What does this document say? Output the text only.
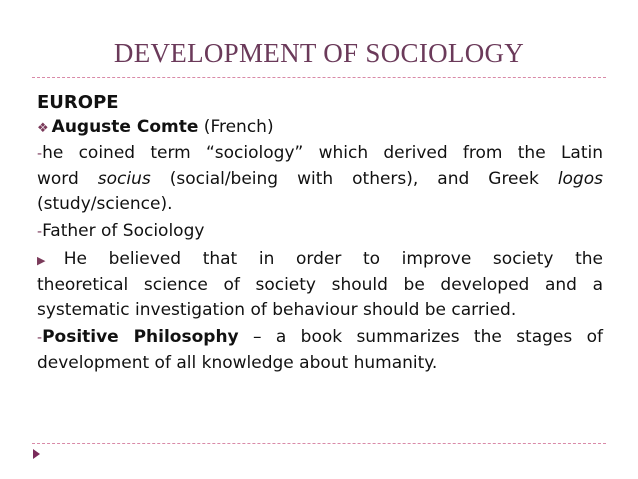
DEVELOPMENT OF SOCIOLOGY
EUROPE
❖ Auguste Comte (French)
-he coined term “sociology” which derived from the Latin
word socius (social/being with others), and Greek logos
(study/science).
-Father of Sociology
▶ He believed that in order to improve society the
theoretical science of society should be developed and a
systematic investigation of behaviour should be carried.
-Positive Philosophy – a book summarizes the stages of
development of all knowledge about humanity.
